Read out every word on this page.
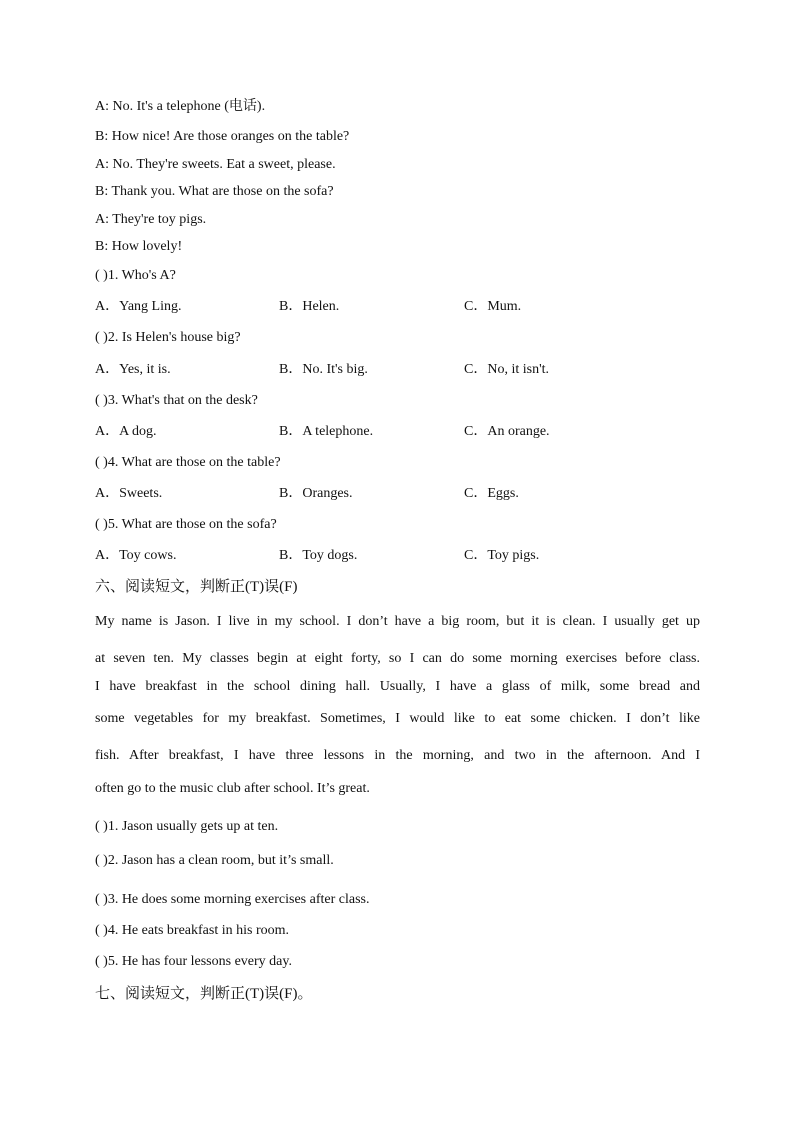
A: No. It's a telephone (电话).
B: How nice! Are those oranges on the table?
A: No. They're sweets. Eat a sweet, please.
B: Thank you. What are those on the sofa?
A: They're toy pigs.
B: How lovely!
( )1. Who's A?
A．Yang Ling.	B．Helen.	C．Mum.
( )2. Is Helen's house big?
A．Yes, it is.	B．No. It's big.	C．No, it isn't.
( )3. What's that on the desk?
A．A dog.	B．A telephone.	C．An orange.
( )4. What are those on the table?
A．Sweets.	B．Oranges.	C．Eggs.
( )5. What are those on the sofa?
A．Toy cows.	B．Toy dogs.	C．Toy pigs.
六、阅读短文，判断正(T)误(F)
My name is Jason. I live in my school. I don’t have a big room, but it is clean. I usually get up
at seven ten. My classes begin at eight forty, so I can do some morning exercises before class.
I have breakfast in the school dining hall. Usually, I have a glass of milk, some bread and
some vegetables for my breakfast. Sometimes, I would like to eat some chicken. I don’t like
fish. After breakfast, I have three lessons in the morning, and two in the afternoon. And I
often go to the music club after school. It’s great.
( )1. Jason usually gets up at ten.
( )2. Jason has a clean room, but it’s small.
( )3. He does some morning exercises after class.
( )4. He eats breakfast in his room.
( )5. He has four lessons every day.
七、阅读短文，判断正(T)误(F)。
